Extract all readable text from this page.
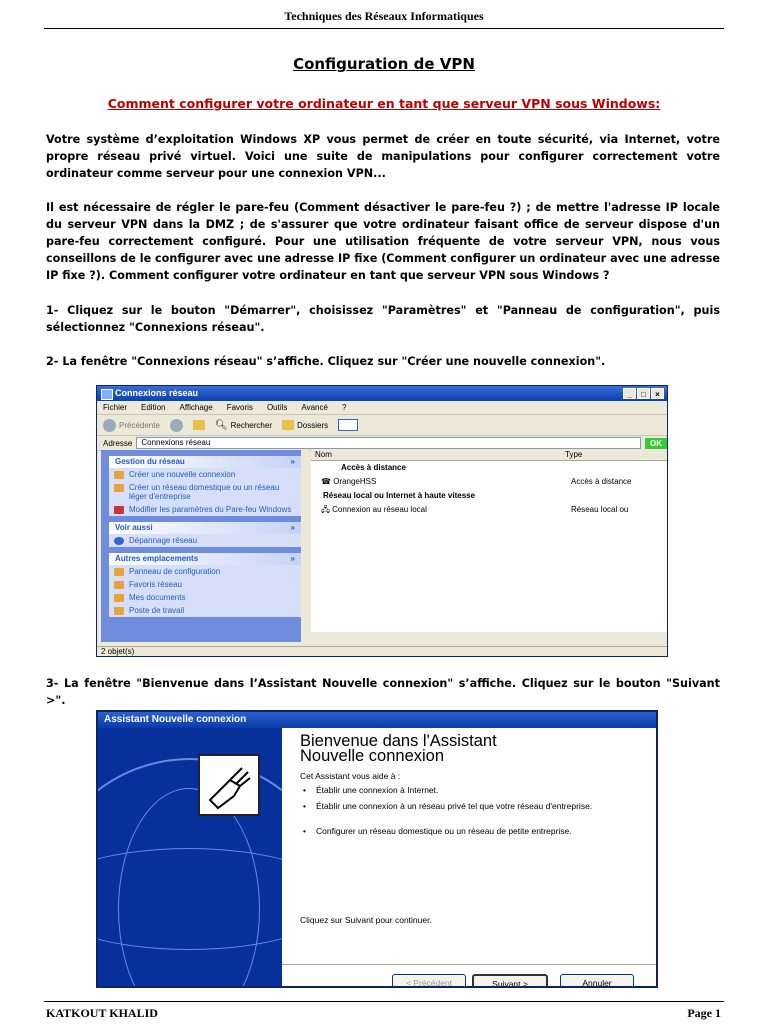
Techniques des Réseaux Informatiques
Configuration de VPN
Comment configurer votre ordinateur en tant que serveur VPN sous Windows:
Votre système d’exploitation Windows XP vous permet de créer en toute sécurité, via Internet, votre propre réseau privé virtuel. Voici une suite de manipulations pour configurer correctement votre ordinateur comme serveur pour une connexion VPN...
Il est nécessaire de régler le pare-feu (Comment désactiver le pare-feu ?) ; de mettre l'adresse IP locale du serveur VPN dans la DMZ ; de s'assurer que votre ordinateur faisant office de serveur dispose d'un pare-feu correctement configuré. Pour une utilisation fréquente de votre serveur VPN, nous vous conseillons de le configurer avec une adresse IP fixe (Comment configurer un ordinateur avec une adresse IP fixe ?). Comment configurer votre ordinateur en tant que serveur VPN sous Windows ?
1- Cliquez sur le bouton "Démarrer", choisissez "Paramètres" et "Panneau de configuration", puis sélectionnez "Connexions réseau".
2- La fenêtre "Connexions réseau" s’affiche. Cliquez sur "Créer une nouvelle connexion".
Connexions réseau	_	□	×
Fichier Edition Affichage Favoris Outils Avancé ?
Précédente	🔍︎ Rechercher	Dossiers
Adresse	Connexions réseau	OK
Gestion du réseau	»
Créer une nouvelle connexion
Créer un réseau domestique ou un réseau léger d'entreprise
Modifier les paramètres du Pare-feu Windows
Voir aussi	»
Dépannage réseau
Autres emplacements	»
Panneau de configuration
Favoris réseau
Mes documents
Poste de travail
Nom	Type
Accès à distance
☎︎ OrangeHSS	Accès à distance
Réseau local ou Internet à haute vitesse
🖧︎ Connexion au réseau local	Réseau local ou
2 objet(s)
3- La fenêtre "Bienvenue dans l’Assistant Nouvelle connexion" s’affiche. Cliquez sur le bouton "Suivant >".
Assistant Nouvelle connexion
Bienvenue dans l'Assistant
Nouvelle connexion
Cet Assistant vous aide à :
• Établir une connexion à Internet.
• Établir une connexion à un réseau privé tel que votre réseau d'entreprise.
• Configurer un réseau domestique ou un réseau de petite entreprise.
Cliquez sur Suivant pour continuer.
< Précédent	Suivant >	Annuler
KATKOUT KHALID	Page 1
